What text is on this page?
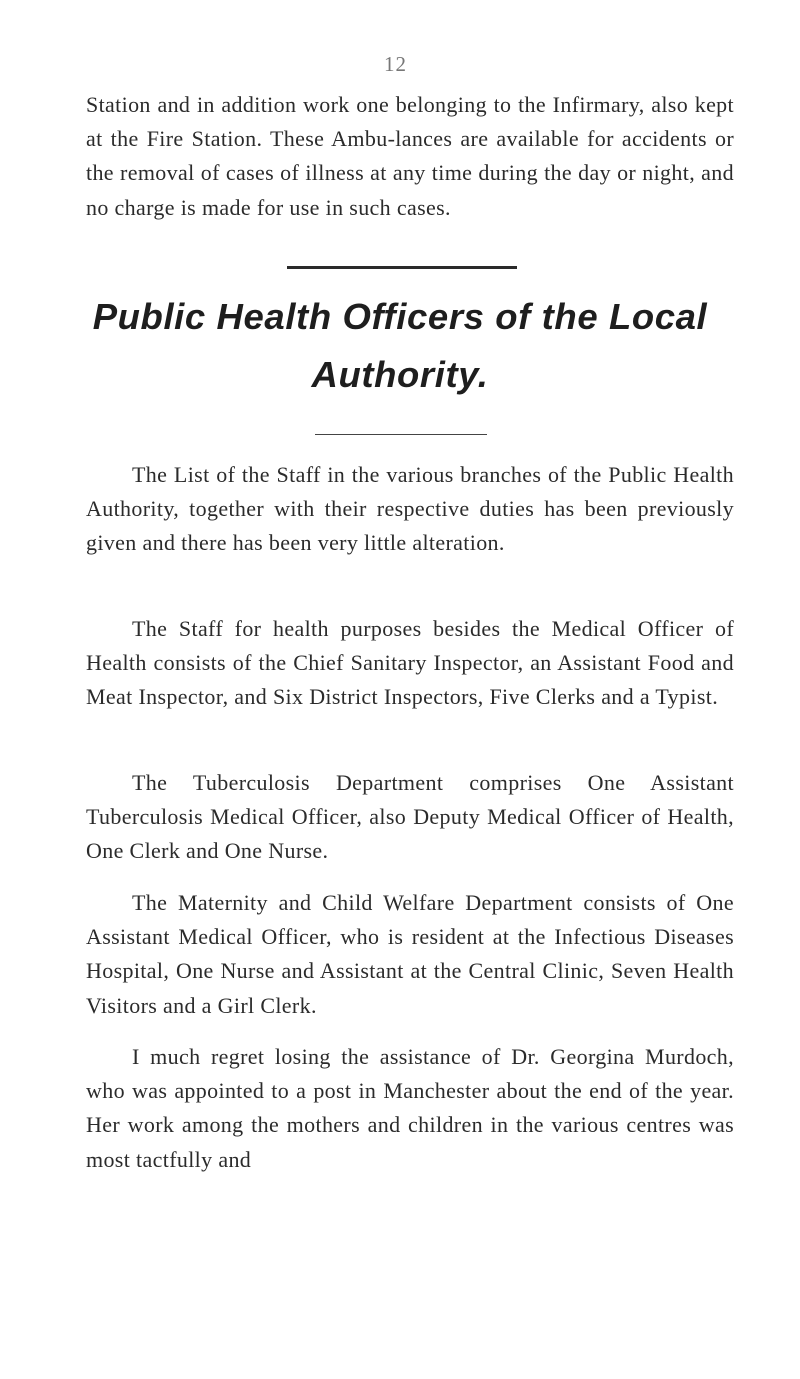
12

Station and in addition work one belonging to the Infirmary, also kept at the Fire Station. These Ambu-lances are available for accidents or the removal of cases of illness at any time during the day or night, and no charge is made for use in such cases.

Public Health Officers of the Local
Authority.

The List of the Staff in the various branches of the Public Health Authority, together with their respective duties has been previously given and there has been very little alteration.

The Staff for health purposes besides the Medical Officer of Health consists of the Chief Sanitary Inspector, an Assistant Food and Meat Inspector, and Six District Inspectors, Five Clerks and a Typist.

The Tuberculosis Department comprises One Assistant Tuberculosis Medical Officer, also Deputy Medical Officer of Health, One Clerk and One Nurse.

The Maternity and Child Welfare Department consists of One Assistant Medical Officer, who is resident at the Infectious Diseases Hospital, One Nurse and Assistant at the Central Clinic, Seven Health Visitors and a Girl Clerk.

I much regret losing the assistance of Dr. Georgina Murdoch, who was appointed to a post in Manchester about the end of the year. Her work among the mothers and children in the various centres was most tactfully and
